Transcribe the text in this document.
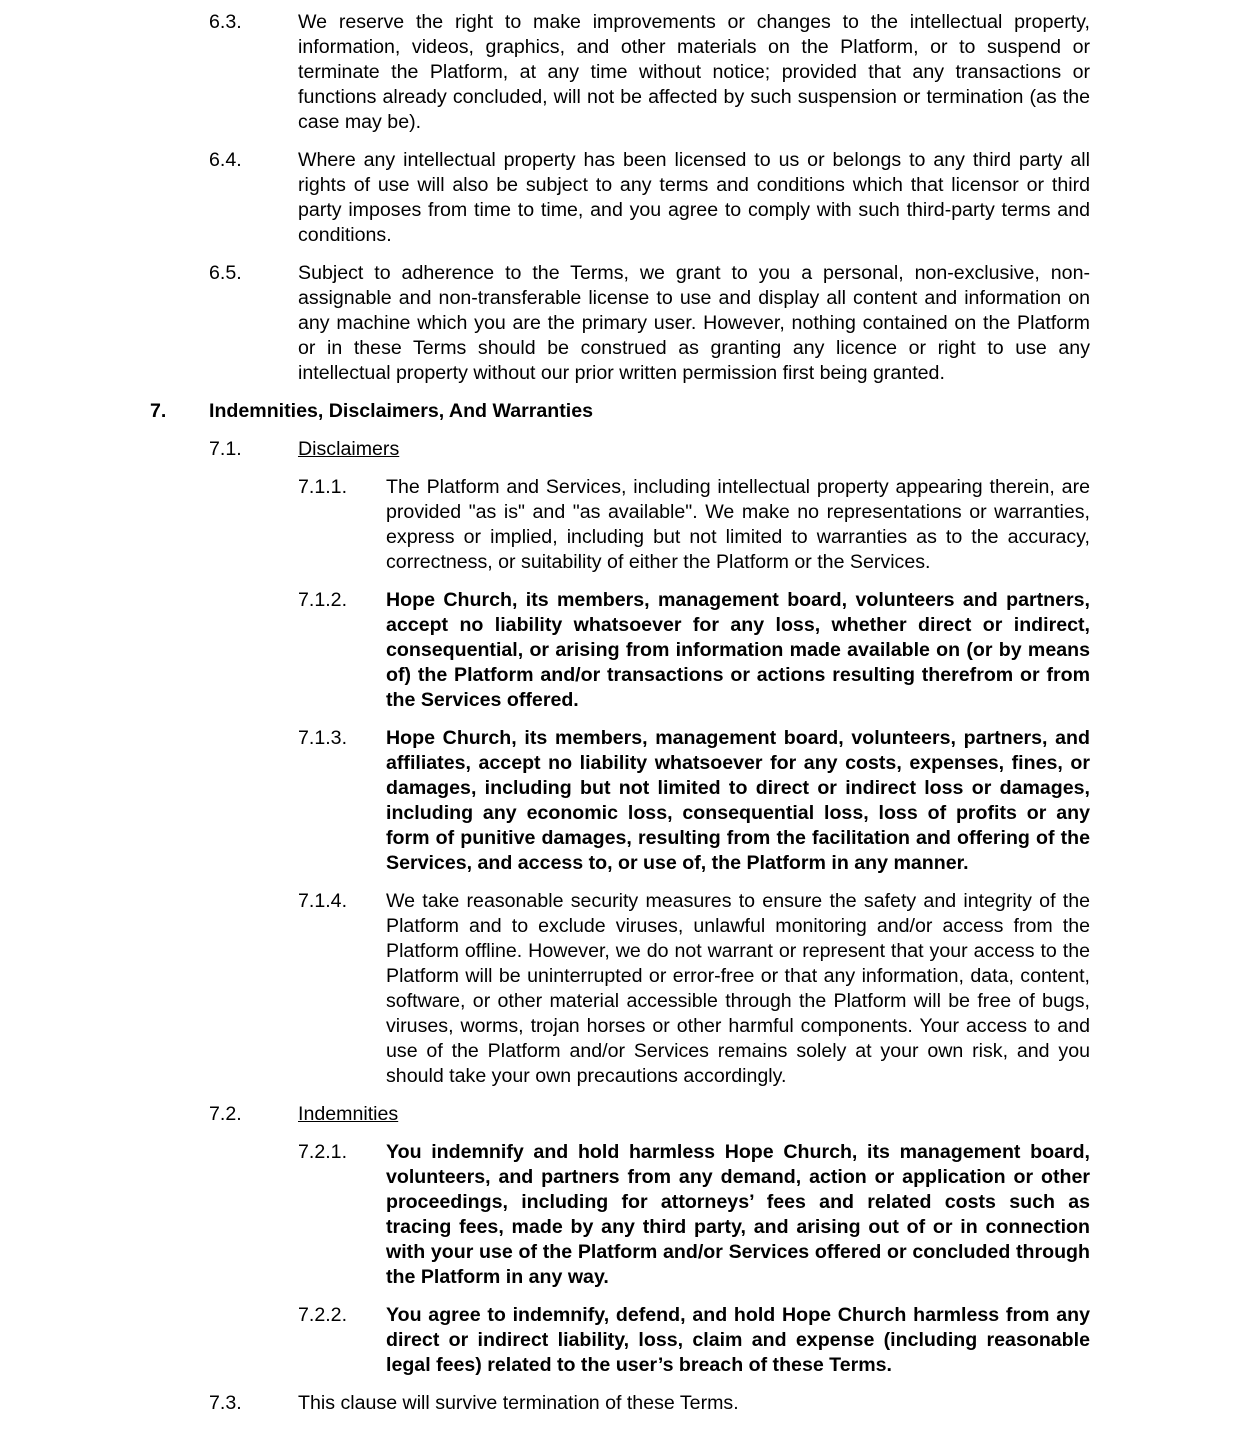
6.3.	We reserve the right to make improvements or changes to the intellectual property, information, videos, graphics, and other materials on the Platform, or to suspend or terminate the Platform, at any time without notice; provided that any transactions or functions already concluded, will not be affected by such suspension or termination (as the case may be).
6.4.	Where any intellectual property has been licensed to us or belongs to any third party all rights of use will also be subject to any terms and conditions which that licensor or third party imposes from time to time, and you agree to comply with such third-party terms and conditions.
6.5.	Subject to adherence to the Terms, we grant to you a personal, non-exclusive, non-assignable and non-transferable license to use and display all content and information on any machine which you are the primary user. However, nothing contained on the Platform or in these Terms should be construed as granting any licence or right to use any intellectual property without our prior written permission first being granted.
7. Indemnities, Disclaimers, And Warranties
7.1.	Disclaimers
7.1.1. The Platform and Services, including intellectual property appearing therein, are provided "as is" and "as available". We make no representations or warranties, express or implied, including but not limited to warranties as to the accuracy, correctness, or suitability of either the Platform or the Services.
7.1.2. Hope Church, its members, management board, volunteers and partners, accept no liability whatsoever for any loss, whether direct or indirect, consequential, or arising from information made available on (or by means of) the Platform and/or transactions or actions resulting therefrom or from the Services offered.
7.1.3. Hope Church, its members, management board, volunteers, partners, and affiliates, accept no liability whatsoever for any costs, expenses, fines, or damages, including but not limited to direct or indirect loss or damages, including any economic loss, consequential loss, loss of profits or any form of punitive damages, resulting from the facilitation and offering of the Services, and access to, or use of, the Platform in any manner.
7.1.4. We take reasonable security measures to ensure the safety and integrity of the Platform and to exclude viruses, unlawful monitoring and/or access from the Platform offline. However, we do not warrant or represent that your access to the Platform will be uninterrupted or error-free or that any information, data, content, software, or other material accessible through the Platform will be free of bugs, viruses, worms, trojan horses or other harmful components. Your access to and use of the Platform and/or Services remains solely at your own risk, and you should take your own precautions accordingly.
7.2.	Indemnities
7.2.1. You indemnify and hold harmless Hope Church, its management board, volunteers, and partners from any demand, action or application or other proceedings, including for attorneys’ fees and related costs such as tracing fees, made by any third party, and arising out of or in connection with your use of the Platform and/or Services offered or concluded through the Platform in any way.
7.2.2. You agree to indemnify, defend, and hold Hope Church harmless from any direct or indirect liability, loss, claim and expense (including reasonable legal fees) related to the user’s breach of these Terms.
7.3.	This clause will survive termination of these Terms.
